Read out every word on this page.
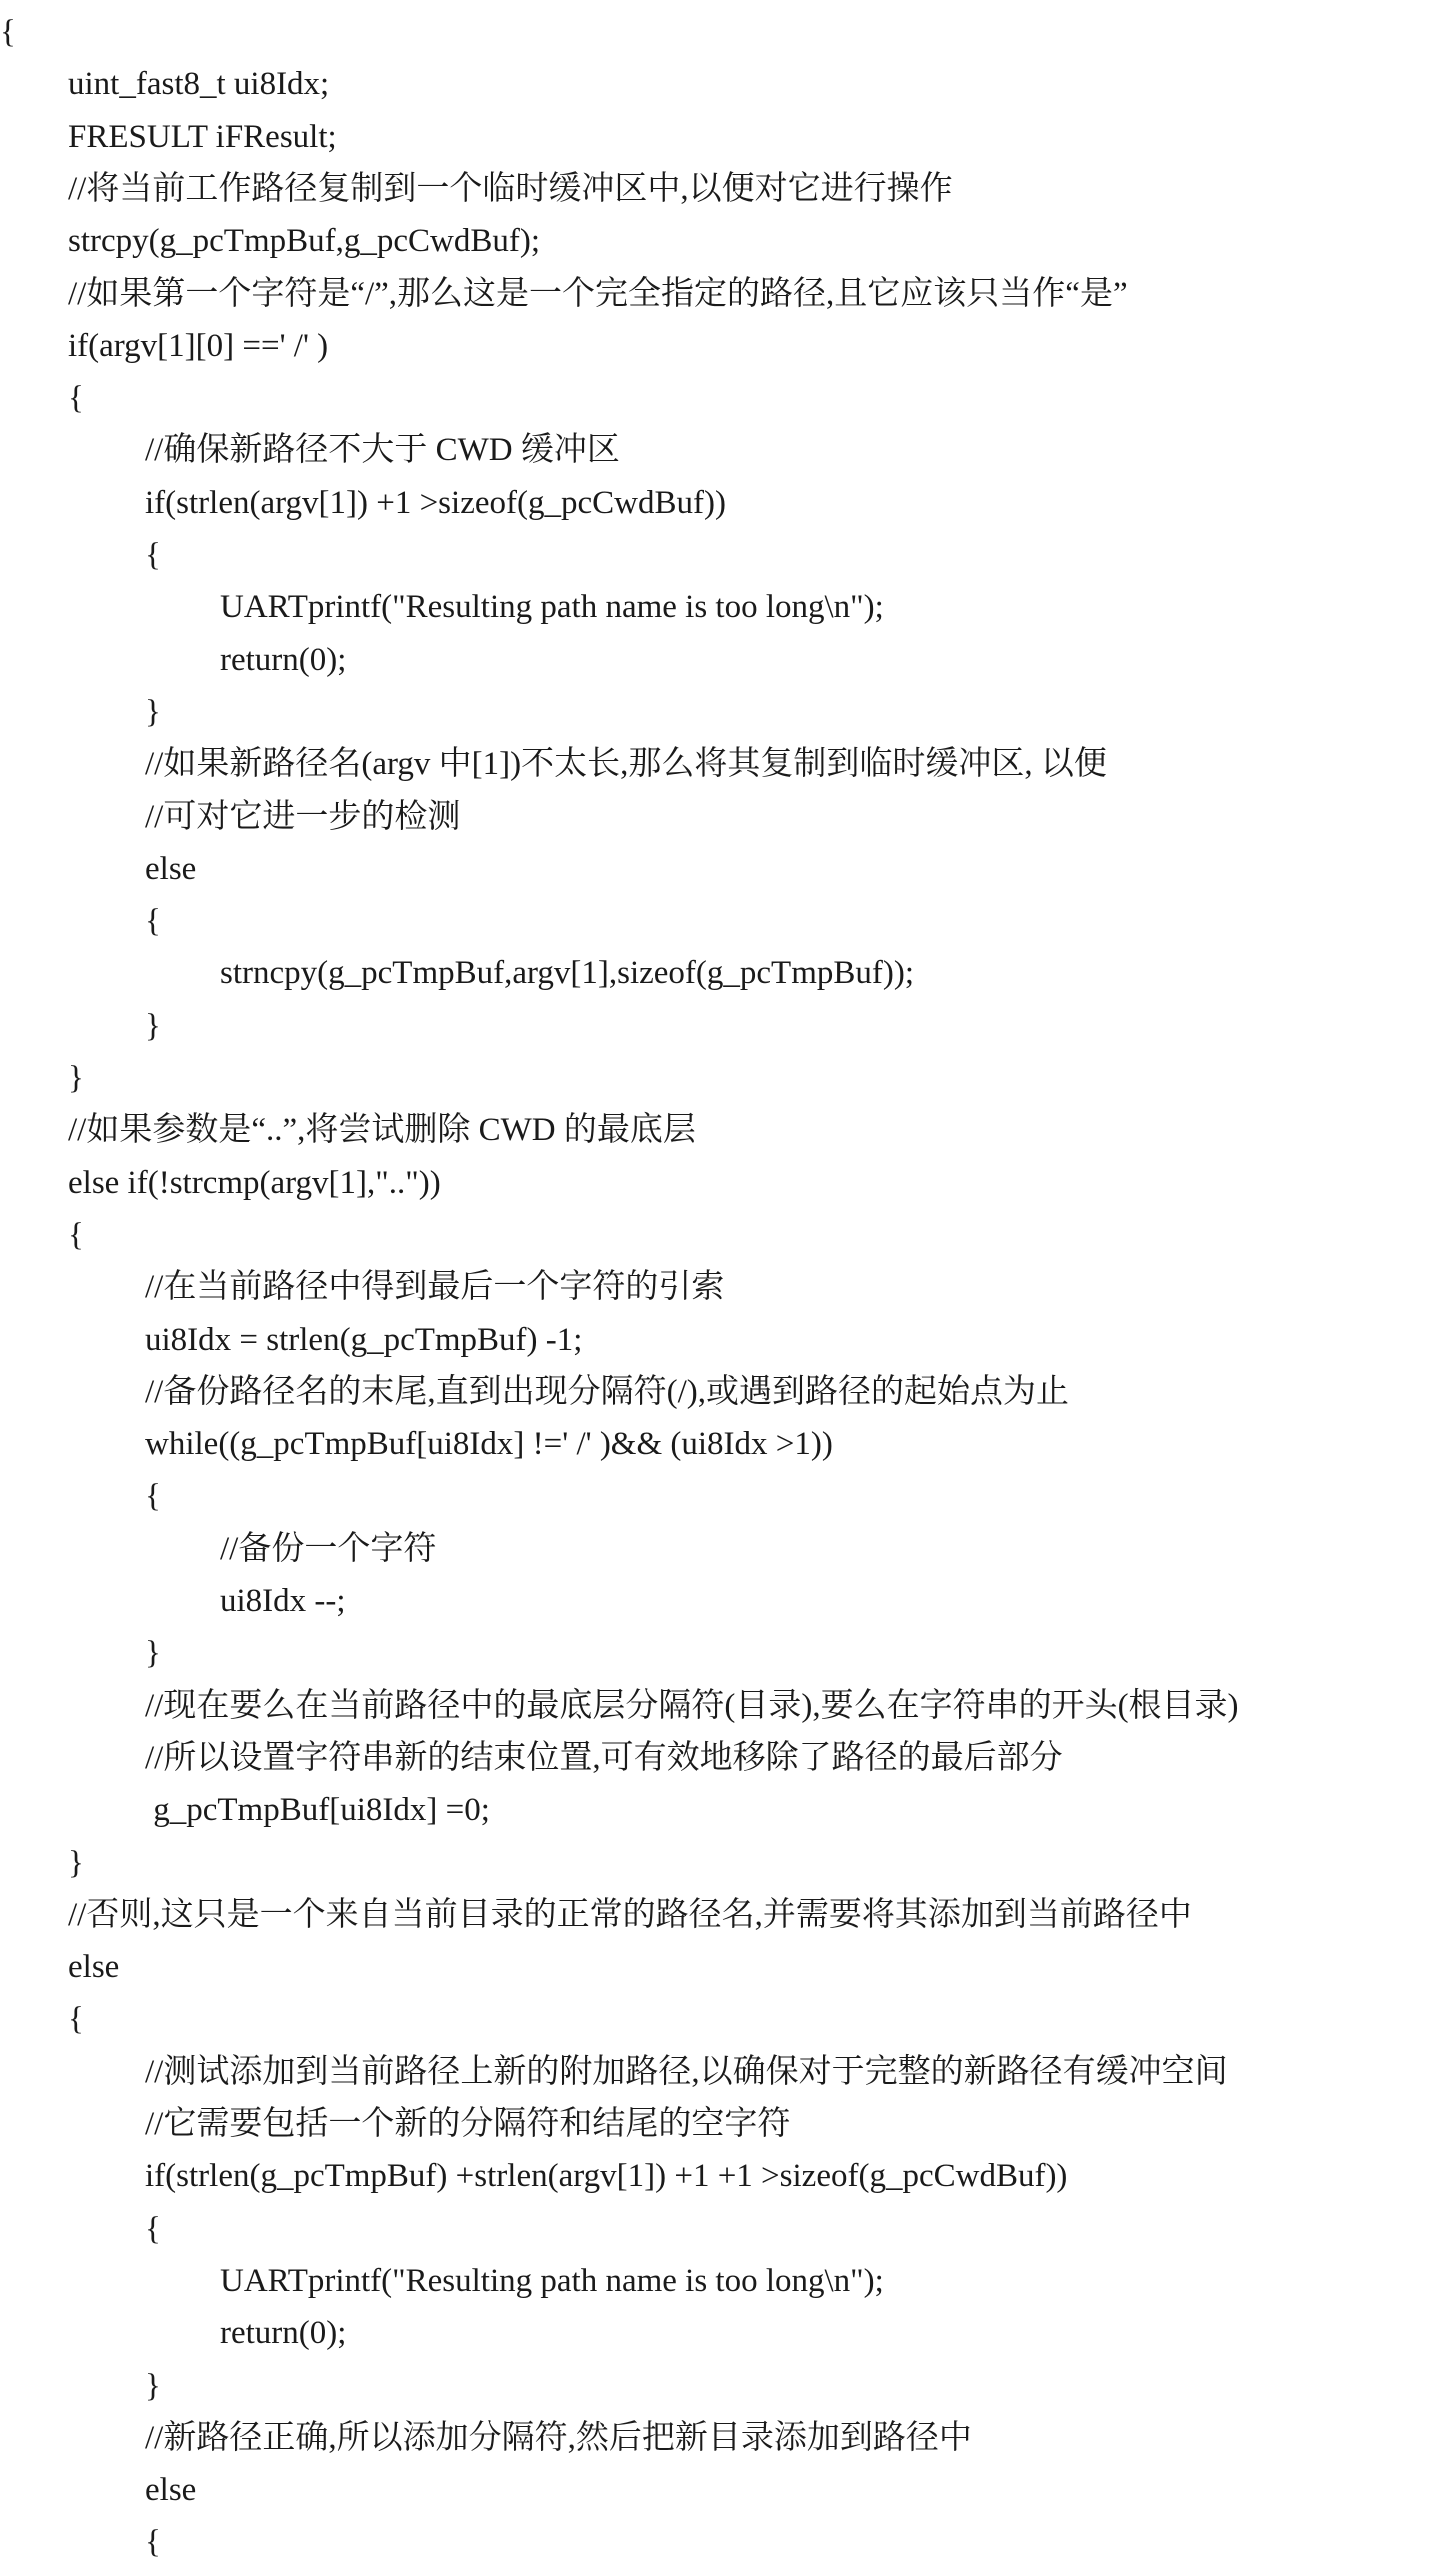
{
uint_fast8_t ui8Idx;
FRESULT iFResult;
//将当前工作路径复制到一个临时缓冲区中,以便对它进行操作
strcpy(g_pcTmpBuf,g_pcCwdBuf);
//如果第一个字符是“/”,那么这是一个完全指定的路径,且它应该只当作“是”
if(argv[1][0] ==' /' )
{
//确保新路径不大于 CWD 缓冲区
if(strlen(argv[1]) +1 >sizeof(g_pcCwdBuf))
{
UARTprintf("Resulting path name is too long\n");
return(0);
}
//如果新路径名(argv 中[1])不太长,那么将其复制到临时缓冲区, 以便
//可对它进一步的检测
else
{
strncpy(g_pcTmpBuf,argv[1],sizeof(g_pcTmpBuf));
}
}
//如果参数是“..”,将尝试删除 CWD 的最底层
else if(!strcmp(argv[1],".."))
{
//在当前路径中得到最后一个字符的引索
ui8Idx = strlen(g_pcTmpBuf) -1;
//备份路径名的末尾,直到出现分隔符(/),或遇到路径的起始点为止
while((g_pcTmpBuf[ui8Idx] !=' /' )&& (ui8Idx >1))
{
//备份一个字符
ui8Idx --;
}
//现在要么在当前路径中的最底层分隔符(目录),要么在字符串的开头(根目录)
//所以设置字符串新的结束位置,可有效地移除了路径的最后部分
g_pcTmpBuf[ui8Idx] =0;
}
//否则,这只是一个来自当前目录的正常的路径名,并需要将其添加到当前路径中
else
{
//测试添加到当前路径上新的附加路径,以确保对于完整的新路径有缓冲空间
//它需要包括一个新的分隔符和结尾的空字符
if(strlen(g_pcTmpBuf) +strlen(argv[1]) +1 +1 >sizeof(g_pcCwdBuf))
{
UARTprintf("Resulting path name is too long\n");
return(0);
}
//新路径正确,所以添加分隔符,然后把新目录添加到路径中
else
{
